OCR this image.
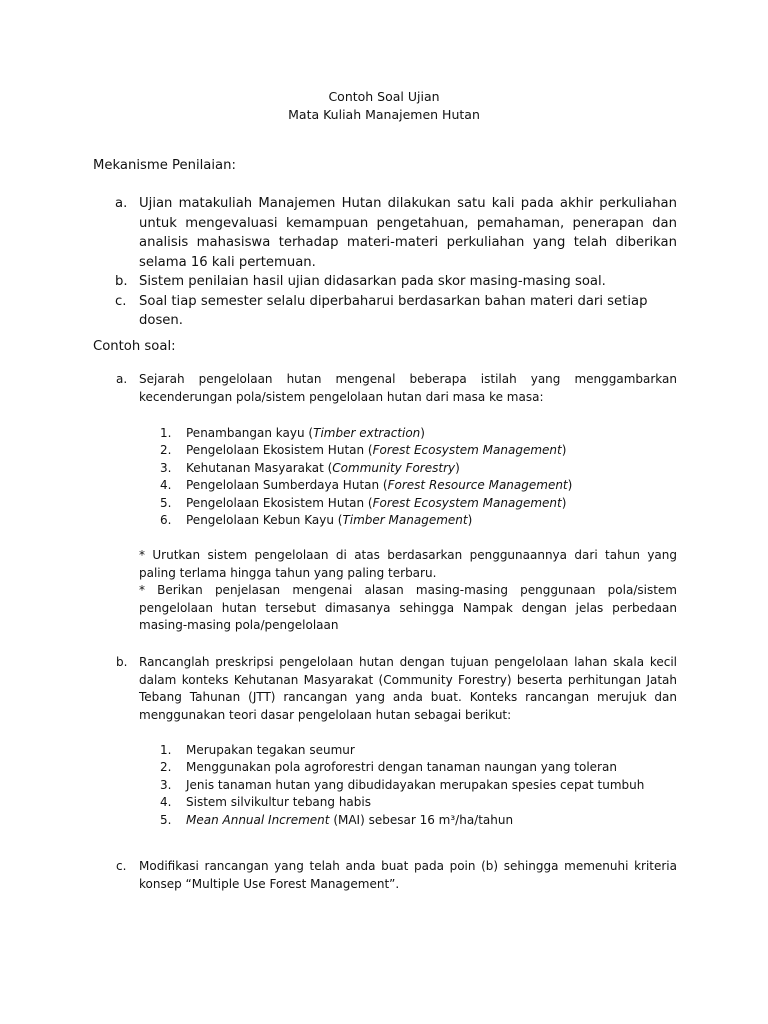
Contoh Soal Ujian
Mata Kuliah Manajemen Hutan
Mekanisme Penilaian:
a. Ujian matakuliah Manajemen Hutan dilakukan satu kali pada akhir perkuliahan untuk mengevaluasi kemampuan pengetahuan, pemahaman, penerapan dan analisis mahasiswa terhadap materi-materi perkuliahan yang telah diberikan selama 16 kali pertemuan.
b. Sistem penilaian hasil ujian didasarkan pada skor masing-masing soal.
c. Soal tiap semester selalu diperbaharui berdasarkan bahan materi dari setiap dosen.
Contoh soal:
a. Sejarah pengelolaan hutan mengenal beberapa istilah yang menggambarkan kecenderungan pola/sistem pengelolaan hutan dari masa ke masa:
1. Penambangan kayu (Timber extraction)
2. Pengelolaan Ekosistem Hutan (Forest Ecosystem Management)
3. Kehutanan Masyarakat (Community Forestry)
4. Pengelolaan Sumberdaya Hutan (Forest Resource Management)
5. Pengelolaan Ekosistem Hutan (Forest Ecosystem Management)
6. Pengelolaan Kebun Kayu (Timber Management)
* Urutkan sistem pengelolaan di atas berdasarkan penggunaannya dari tahun yang paling terlama hingga tahun yang paling terbaru.
* Berikan penjelasan mengenai alasan masing-masing penggunaan pola/sistem pengelolaan hutan tersebut dimasanya sehingga Nampak dengan jelas perbedaan masing-masing pola/pengelolaan
b. Rancanglah preskripsi pengelolaan hutan dengan tujuan pengelolaan lahan skala kecil dalam konteks Kehutanan Masyarakat (Community Forestry) beserta perhitungan Jatah Tebang Tahunan (JTT) rancangan yang anda buat. Konteks rancangan merujuk dan menggunakan teori dasar pengelolaan hutan sebagai berikut:
1. Merupakan tegakan seumur
2. Menggunakan pola agroforestri dengan tanaman naungan yang toleran
3. Jenis tanaman hutan yang dibudidayakan merupakan spesies cepat tumbuh
4. Sistem silvikultur tebang habis
5. Mean Annual Increment (MAI) sebesar 16 m³/ha/tahun
c.	Modifikasi rancangan yang telah anda buat pada poin (b) sehingga memenuhi kriteria konsep “Multiple Use Forest Management”.
